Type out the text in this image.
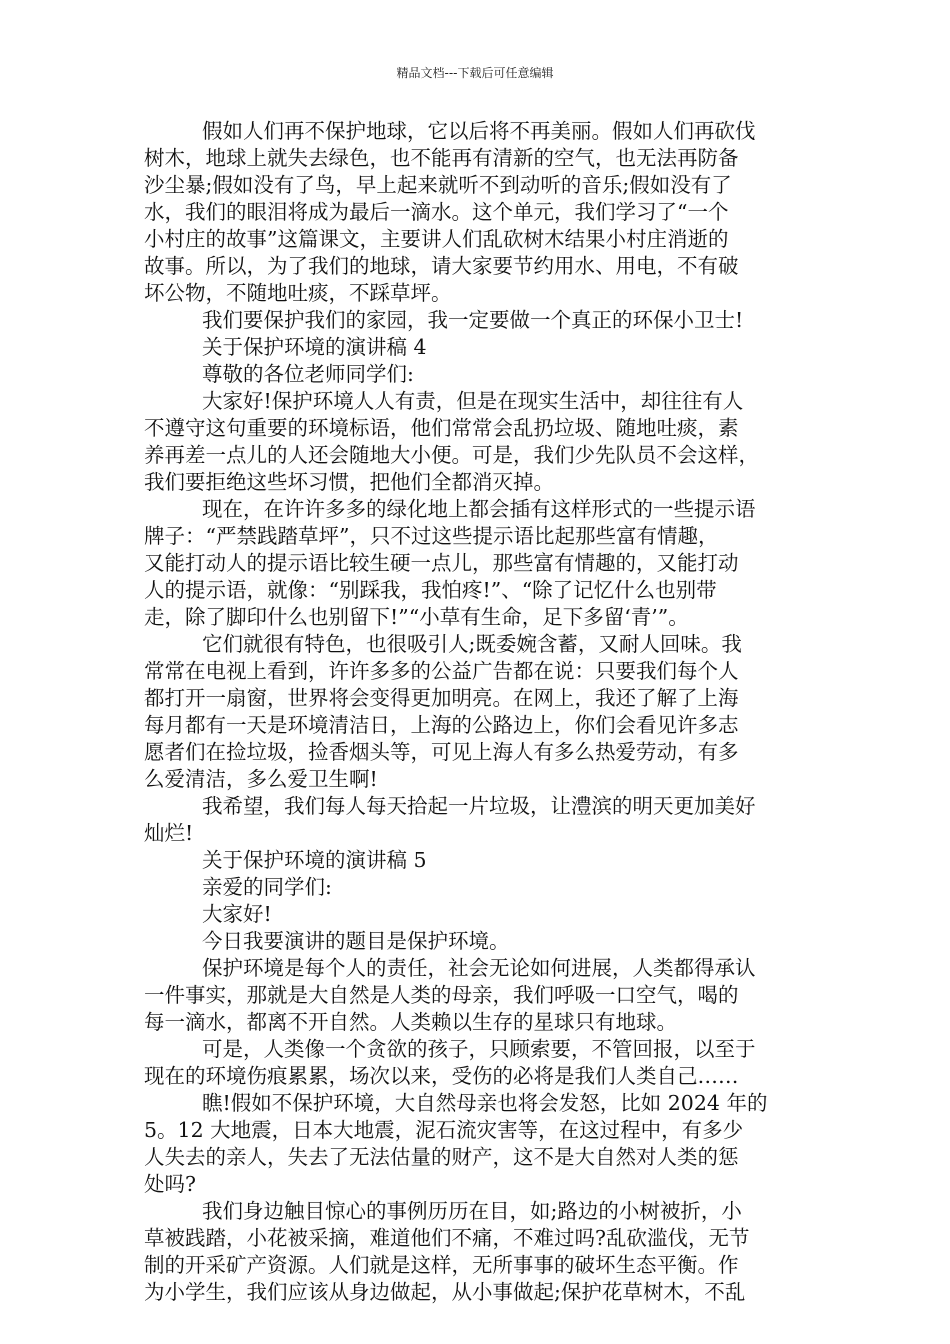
精品文档---下载后可任意编辑
假如人们再不保护地球，它以后将不再美丽。假如人们再砍伐
树木，地球上就失去绿色，也不能再有清新的空气，也无法再防备
沙尘暴;假如没有了鸟，早上起来就听不到动听的音乐;假如没有了
水，我们的眼泪将成为最后一滴水。这个单元，我们学习了“一个
小村庄的故事”这篇课文，主要讲人们乱砍树木结果小村庄消逝的
故事。所以，为了我们的地球，请大家要节约用水、用电，不有破
坏公物，不随地吐痰，不踩草坪。
我们要保护我们的家园，我一定要做一个真正的环保小卫士!
关于保护环境的演讲稿 4
尊敬的各位老师同学们:
大家好!保护环境人人有责，但是在现实生活中，却往往有人
不遵守这句重要的环境标语，他们常常会乱扔垃圾、随地吐痰，素
养再差一点儿的人还会随地大小便。可是，我们少先队员不会这样，
我们要拒绝这些坏习惯，把他们全都消灭掉。
现在，在许许多多的绿化地上都会插有这样形式的一些提示语
牌子：“严禁践踏草坪”，只不过这些提示语比起那些富有情趣，
又能打动人的提示语比较生硬一点儿，那些富有情趣的，又能打动
人的提示语，就像：“别踩我，我怕疼!”、“除了记忆什么也别带
走，除了脚印什么也别留下!”“小草有生命，足下多留‘青’”。
它们就很有特色，也很吸引人;既委婉含蓄，又耐人回味。我
常常在电视上看到，许许多多的公益广告都在说：只要我们每个人
都打开一扇窗，世界将会变得更加明亮。在网上，我还了解了上海
每月都有一天是环境清洁日，上海的公路边上，你们会看见许多志
愿者们在捡垃圾，捡香烟头等，可见上海人有多么热爱劳动，有多
么爱清洁，多么爱卫生啊!
我希望，我们每人每天拾起一片垃圾，让澧滨的明天更加美好
灿烂!
关于保护环境的演讲稿 5
亲爱的同学们:
大家好!
今日我要演讲的题目是保护环境。
保护环境是每个人的责任，社会无论如何进展，人类都得承认
一件事实，那就是大自然是人类的母亲，我们呼吸一口空气，喝的
每一滴水，都离不开自然。人类赖以生存的星球只有地球。
可是，人类像一个贪欲的孩子，只顾索要，不管回报，以至于
现在的环境伤痕累累，场次以来，受伤的必将是我们人类自己……
瞧!假如不保护环境，大自然母亲也将会发怒，比如 2024 年的
5。12 大地震，日本大地震，泥石流灾害等，在这过程中，有多少
人失去的亲人，失去了无法估量的财产，这不是大自然对人类的惩
处吗?
我们身边触目惊心的事例历历在目，如;路边的小树被折，小
草被践踏，小花被采摘，难道他们不痛，不难过吗?乱砍滥伐，无节
制的开采矿产资源。人们就是这样，无所事事的破坏生态平衡。作
为小学生，我们应该从身边做起，从小事做起;保护花草树木，不乱
